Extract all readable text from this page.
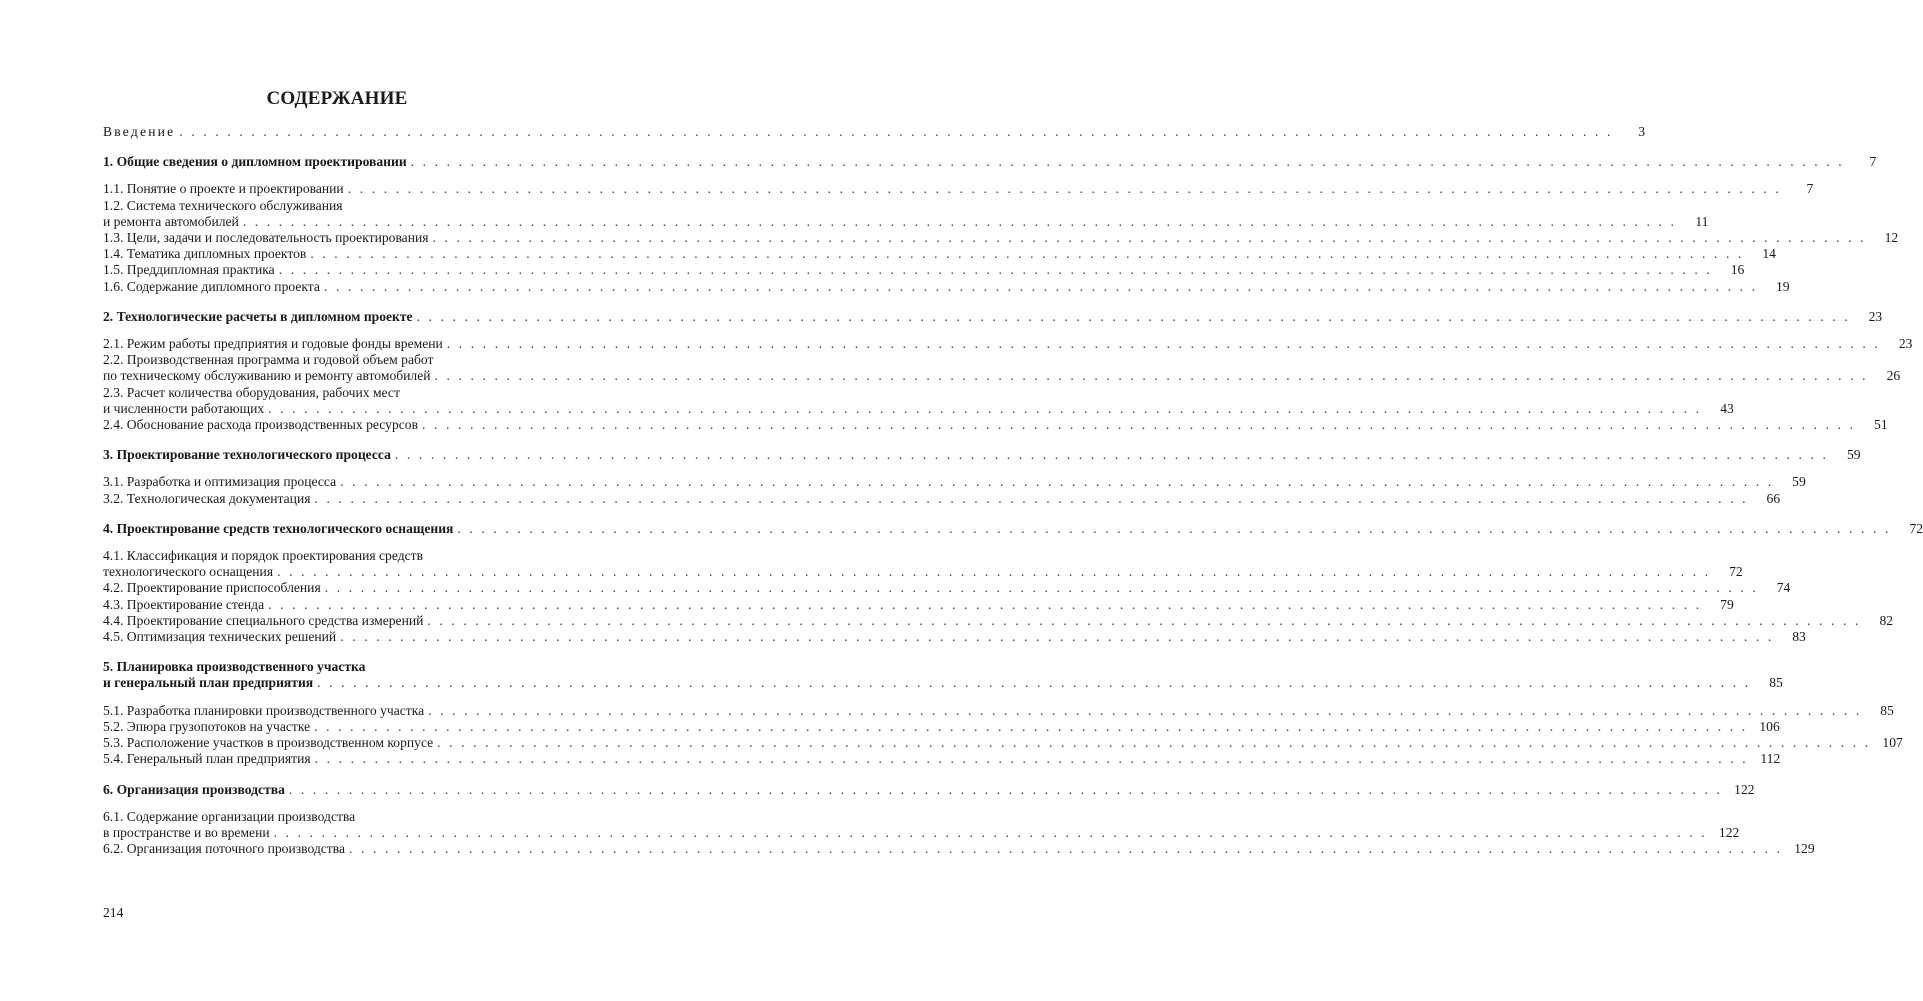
СОДЕРЖАНИЕ
Введение . . . . . . . . . . . . . . . . . . . . . . . . . . . . . . . . . . . . . . . . . . . . . . . . . . . . . . . . . . . . . . . . . . . . . . . . . . . . . . . . . . . . . . . . . . . . . . . . . . . . . . . . . . . . . . . . . . . . . . . .	3
1. Общие сведения о дипломном проектировании . . . . . . . . . . . . . . . . . . . . . . . . . . . . . . . . . . . . . . . . . . . . . . . . . . . . . . . . . . . . . . . . . . . . . . . . . . . . . . . . . . . . . . . . . . . . . . . . . . . . . . . . . . . . . . . . . . . . . . . .	7
1.1. Понятие о проекте и проектировании . . . . . . . . . . . . . . . . . . . . . . . . . . . . . . . . . . . . . . . . . . . . . . . . . . . . . . . . . . . . . . . . . . . . . . . . . . . . . . . . . . . . . . . . . . . . . . . . . . . . . . . . . . . . . . . . . . . . . . . .	7
1.2. Система технического обслуживания
и ремонта автомобилей . . . . . . . . . . . . . . . . . . . . . . . . . . . . . . . . . . . . . . . . . . . . . . . . . . . . . . . . . . . . . . . . . . . . . . . . . . . . . . . . . . . . . . . . . . . . . . . . . . . . . . . . . . . . . . . . . . . . . . . .	11
1.3. Цели, задачи и последовательность проектирования . . . . . . . . . . . . . . . . . . . . . . . . . . . . . . . . . . . . . . . . . . . . . . . . . . . . . . . . . . . . . . . . . . . . . . . . . . . . . . . . . . . . . . . . . . . . . . . . . . . . . . . . . . . . . . . . . . . . . . . .	12
1.4. Тематика дипломных проектов . . . . . . . . . . . . . . . . . . . . . . . . . . . . . . . . . . . . . . . . . . . . . . . . . . . . . . . . . . . . . . . . . . . . . . . . . . . . . . . . . . . . . . . . . . . . . . . . . . . . . . . . . . . . . . . . . . . . . . . .	14
1.5. Преддипломная практика . . . . . . . . . . . . . . . . . . . . . . . . . . . . . . . . . . . . . . . . . . . . . . . . . . . . . . . . . . . . . . . . . . . . . . . . . . . . . . . . . . . . . . . . . . . . . . . . . . . . . . . . . . . . . . . . . . . . . . . .	16
1.6. Содержание дипломного проекта . . . . . . . . . . . . . . . . . . . . . . . . . . . . . . . . . . . . . . . . . . . . . . . . . . . . . . . . . . . . . . . . . . . . . . . . . . . . . . . . . . . . . . . . . . . . . . . . . . . . . . . . . . . . . . . . . . . . . . . .	19
2. Технологические расчеты в дипломном проекте . . . . . . . . . . . . . . . . . . . . . . . . . . . . . . . . . . . . . . . . . . . . . . . . . . . . . . . . . . . . . . . . . . . . . . . . . . . . . . . . . . . . . . . . . . . . . . . . . . . . . . . . . . . . . . . . . . . . . . . .	23
2.1. Режим работы предприятия и годовые фонды времени . . . . . . . . . . . . . . . . . . . . . . . . . . . . . . . . . . . . . . . . . . . . . . . . . . . . . . . . . . . . . . . . . . . . . . . . . . . . . . . . . . . . . . . . . . . . . . . . . . . . . . . . . . . . . . . . . . . . . . . .	23
2.2. Производственная программа и годовой объем работ
по техническому обслуживанию и ремонту автомобилей . . . . . . . . . . . . . . . . . . . . . . . . . . . . . . . . . . . . . . . . . . . . . . . . . . . . . . . . . . . . . . . . . . . . . . . . . . . . . . . . . . . . . . . . . . . . . . . . . . . . . . . . . . . . . . . . . . . . . . . .	26
2.3. Расчет количества оборудования, рабочих мест
и численности работающих . . . . . . . . . . . . . . . . . . . . . . . . . . . . . . . . . . . . . . . . . . . . . . . . . . . . . . . . . . . . . . . . . . . . . . . . . . . . . . . . . . . . . . . . . . . . . . . . . . . . . . . . . . . . . . . . . . . . . . . .	43
2.4. Обоснование расхода производственных ресурсов . . . . . . . . . . . . . . . . . . . . . . . . . . . . . . . . . . . . . . . . . . . . . . . . . . . . . . . . . . . . . . . . . . . . . . . . . . . . . . . . . . . . . . . . . . . . . . . . . . . . . . . . . . . . . . . . . . . . . . . .	51
3. Проектирование технологического процесса . . . . . . . . . . . . . . . . . . . . . . . . . . . . . . . . . . . . . . . . . . . . . . . . . . . . . . . . . . . . . . . . . . . . . . . . . . . . . . . . . . . . . . . . . . . . . . . . . . . . . . . . . . . . . . . . . . . . . . . .	59
3.1. Разработка и оптимизация процесса . . . . . . . . . . . . . . . . . . . . . . . . . . . . . . . . . . . . . . . . . . . . . . . . . . . . . . . . . . . . . . . . . . . . . . . . . . . . . . . . . . . . . . . . . . . . . . . . . . . . . . . . . . . . . . . . . . . . . . . .	59
3.2. Технологическая документация . . . . . . . . . . . . . . . . . . . . . . . . . . . . . . . . . . . . . . . . . . . . . . . . . . . . . . . . . . . . . . . . . . . . . . . . . . . . . . . . . . . . . . . . . . . . . . . . . . . . . . . . . . . . . . . . . . . . . . . .	66
4. Проектирование средств технологического оснащения . . . . . . . . . . . . . . . . . . . . . . . . . . . . . . . . . . . . . . . . . . . . . . . . . . . . . . . . . . . . . . . . . . . . . . . . . . . . . . . . . . . . . . . . . . . . . . . . . . . . . . . . . . . . . . . . . . . . . . . .	72
4.1. Классификация и порядок проектирования средств
технологического оснащения . . . . . . . . . . . . . . . . . . . . . . . . . . . . . . . . . . . . . . . . . . . . . . . . . . . . . . . . . . . . . . . . . . . . . . . . . . . . . . . . . . . . . . . . . . . . . . . . . . . . . . . . . . . . . . . . . . . . . . . .	72
4.2. Проектирование приспособления . . . . . . . . . . . . . . . . . . . . . . . . . . . . . . . . . . . . . . . . . . . . . . . . . . . . . . . . . . . . . . . . . . . . . . . . . . . . . . . . . . . . . . . . . . . . . . . . . . . . . . . . . . . . . . . . . . . . . . . .	74
4.3. Проектирование стенда . . . . . . . . . . . . . . . . . . . . . . . . . . . . . . . . . . . . . . . . . . . . . . . . . . . . . . . . . . . . . . . . . . . . . . . . . . . . . . . . . . . . . . . . . . . . . . . . . . . . . . . . . . . . . . . . . . . . . . . .	79
4.4. Проектирование специального средства измерений . . . . . . . . . . . . . . . . . . . . . . . . . . . . . . . . . . . . . . . . . . . . . . . . . . . . . . . . . . . . . . . . . . . . . . . . . . . . . . . . . . . . . . . . . . . . . . . . . . . . . . . . . . . . . . . . . . . . . . . .	82
4.5. Оптимизация технических решений . . . . . . . . . . . . . . . . . . . . . . . . . . . . . . . . . . . . . . . . . . . . . . . . . . . . . . . . . . . . . . . . . . . . . . . . . . . . . . . . . . . . . . . . . . . . . . . . . . . . . . . . . . . . . . . . . . . . . . . .	83
5. Планировка производственного участка
и генеральный план предприятия . . . . . . . . . . . . . . . . . . . . . . . . . . . . . . . . . . . . . . . . . . . . . . . . . . . . . . . . . . . . . . . . . . . . . . . . . . . . . . . . . . . . . . . . . . . . . . . . . . . . . . . . . . . . . . . . . . . . . . . .	85
5.1. Разработка планировки производственного участка . . . . . . . . . . . . . . . . . . . . . . . . . . . . . . . . . . . . . . . . . . . . . . . . . . . . . . . . . . . . . . . . . . . . . . . . . . . . . . . . . . . . . . . . . . . . . . . . . . . . . . . . . . . . . . . . . . . . . . . .	85
5.2. Эпюра грузопотоков на участке . . . . . . . . . . . . . . . . . . . . . . . . . . . . . . . . . . . . . . . . . . . . . . . . . . . . . . . . . . . . . . . . . . . . . . . . . . . . . . . . . . . . . . . . . . . . . . . . . . . . . . . . . . . . . . . . . . . . . . . . 106
5.3. Расположение участков в производственном корпусе . . . . . . . . . . . . . . . . . . . . . . . . . . . . . . . . . . . . . . . . . . . . . . . . . . . . . . . . . . . . . . . . . . . . . . . . . . . . . . . . . . . . . . . . . . . . . . . . . . . . . . . . . . . . . . . . . . . . . . . . 107
5.4. Генеральный план предприятия . . . . . . . . . . . . . . . . . . . . . . . . . . . . . . . . . . . . . . . . . . . . . . . . . . . . . . . . . . . . . . . . . . . . . . . . . . . . . . . . . . . . . . . . . . . . . . . . . . . . . . . . . . . . . . . . . . . . . . . . 112
6. Организация производства . . . . . . . . . . . . . . . . . . . . . . . . . . . . . . . . . . . . . . . . . . . . . . . . . . . . . . . . . . . . . . . . . . . . . . . . . . . . . . . . . . . . . . . . . . . . . . . . . . . . . . . . . . . . . . . . . . . . . . . . 122
6.1. Содержание организации производства
в пространстве и во времени . . . . . . . . . . . . . . . . . . . . . . . . . . . . . . . . . . . . . . . . . . . . . . . . . . . . . . . . . . . . . . . . . . . . . . . . . . . . . . . . . . . . . . . . . . . . . . . . . . . . . . . . . . . . . . . . . . . . . . . . 122
6.2. Организация поточного производства . . . . . . . . . . . . . . . . . . . . . . . . . . . . . . . . . . . . . . . . . . . . . . . . . . . . . . . . . . . . . . . . . . . . . . . . . . . . . . . . . . . . . . . . . . . . . . . . . . . . . . . . . . . . . . . . . . . . . . . . 129
214
